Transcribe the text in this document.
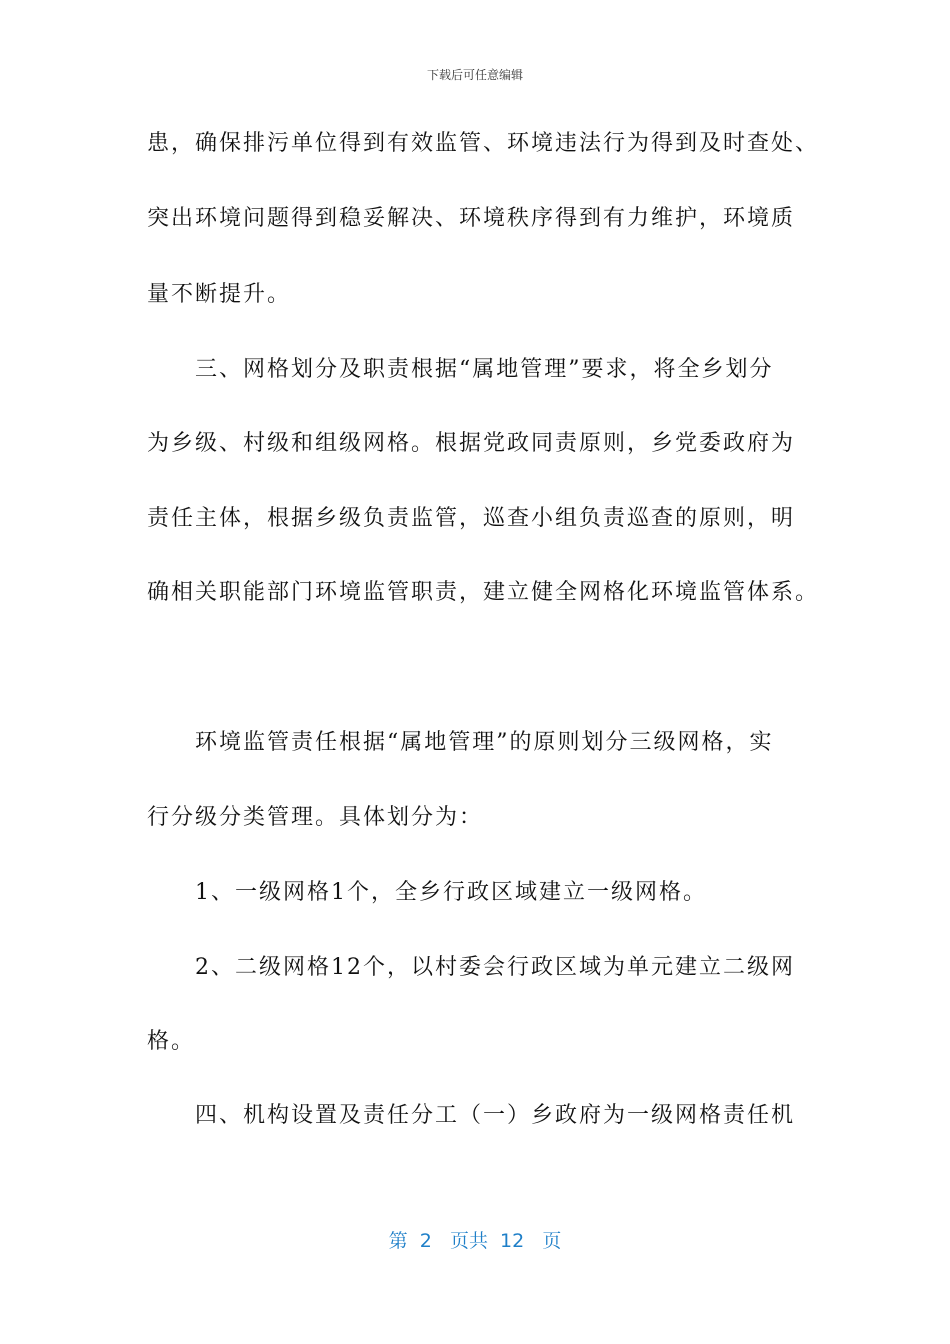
下载后可任意编辑
患，确保排污单位得到有效监管、环境违法行为得到及时查处、
突出环境问题得到稳妥解决、环境秩序得到有力维护，环境质
量不断提升。
　　三、网格划分及职责根据“属地管理”要求，将全乡划分
为乡级、村级和组级网格。根据党政同责原则，乡党委政府为
责任主体，根据乡级负责监管，巡查小组负责巡查的原则，明
确相关职能部门环境监管职责，建立健全网格化环境监管体系。
　　环境监管责任根据“属地管理”的原则划分三级网格，实
行分级分类管理。具体划分为：
　　1、一级网格1个，全乡行政区域建立一级网格。
　　2、二级网格12个，以村委会行政区域为单元建立二级网
格。
　　四、机构设置及责任分工（一）乡政府为一级网格责任机
第  2   页共  12   页
